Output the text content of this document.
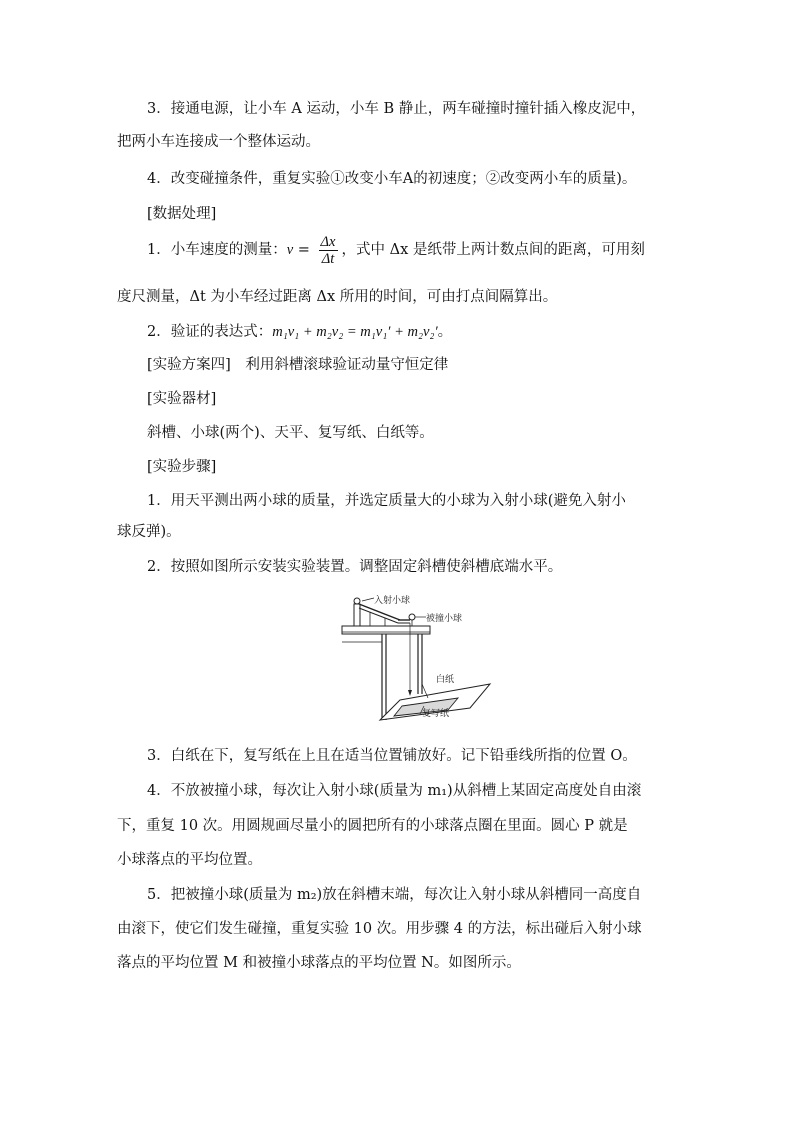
3．接通电源，让小车 A 运动，小车 B 静止，两车碰撞时撞针插入橡皮泥中，
把两小车连接成一个整体运动。
4．改变碰撞条件，重复实验①改变小车A的初速度；②改变两小车的质量)。
[数据处理]
1．小车速度的测量：$v = \frac{\Delta x}{\Delta t}$ ，式中 Δx 是纸带上两计数点间的距离，可用刻
度尺测量，Δt 为小车经过距离 Δx 所用的时间，可由打点间隔算出。
2．验证的表达式：m₁v₁ + m₂v₂ = m₁v₁′ + m₂v₂′。
[实验方案四]　利用斜槽滚球验证动量守恒定律
[实验器材]
斜槽、小球(两个)、天平、复写纸、白纸等。
[实验步骤]
1．用天平测出两小球的质量，并选定质量大的小球为入射小球(避免入射小
球反弹)。
2．按照如图所示安装实验装置。调整固定斜槽使斜槽底端水平。
入射小球
被撞小球
白纸
复写纸
3．白纸在下，复写纸在上且在适当位置铺放好。记下铅垂线所指的位置 O。
4．不放被撞小球，每次让入射小球(质量为 m₁)从斜槽上某固定高度处自由滚
下，重复 10 次。用圆规画尽量小的圆把所有的小球落点圈在里面。圆心 P 就是
小球落点的平均位置。
5．把被撞小球(质量为 m₂)放在斜槽末端，每次让入射小球从斜槽同一高度自
由滚下，使它们发生碰撞，重复实验 10 次。用步骤 4 的方法，标出碰后入射小球
落点的平均位置 M 和被撞小球落点的平均位置 N。如图所示。
